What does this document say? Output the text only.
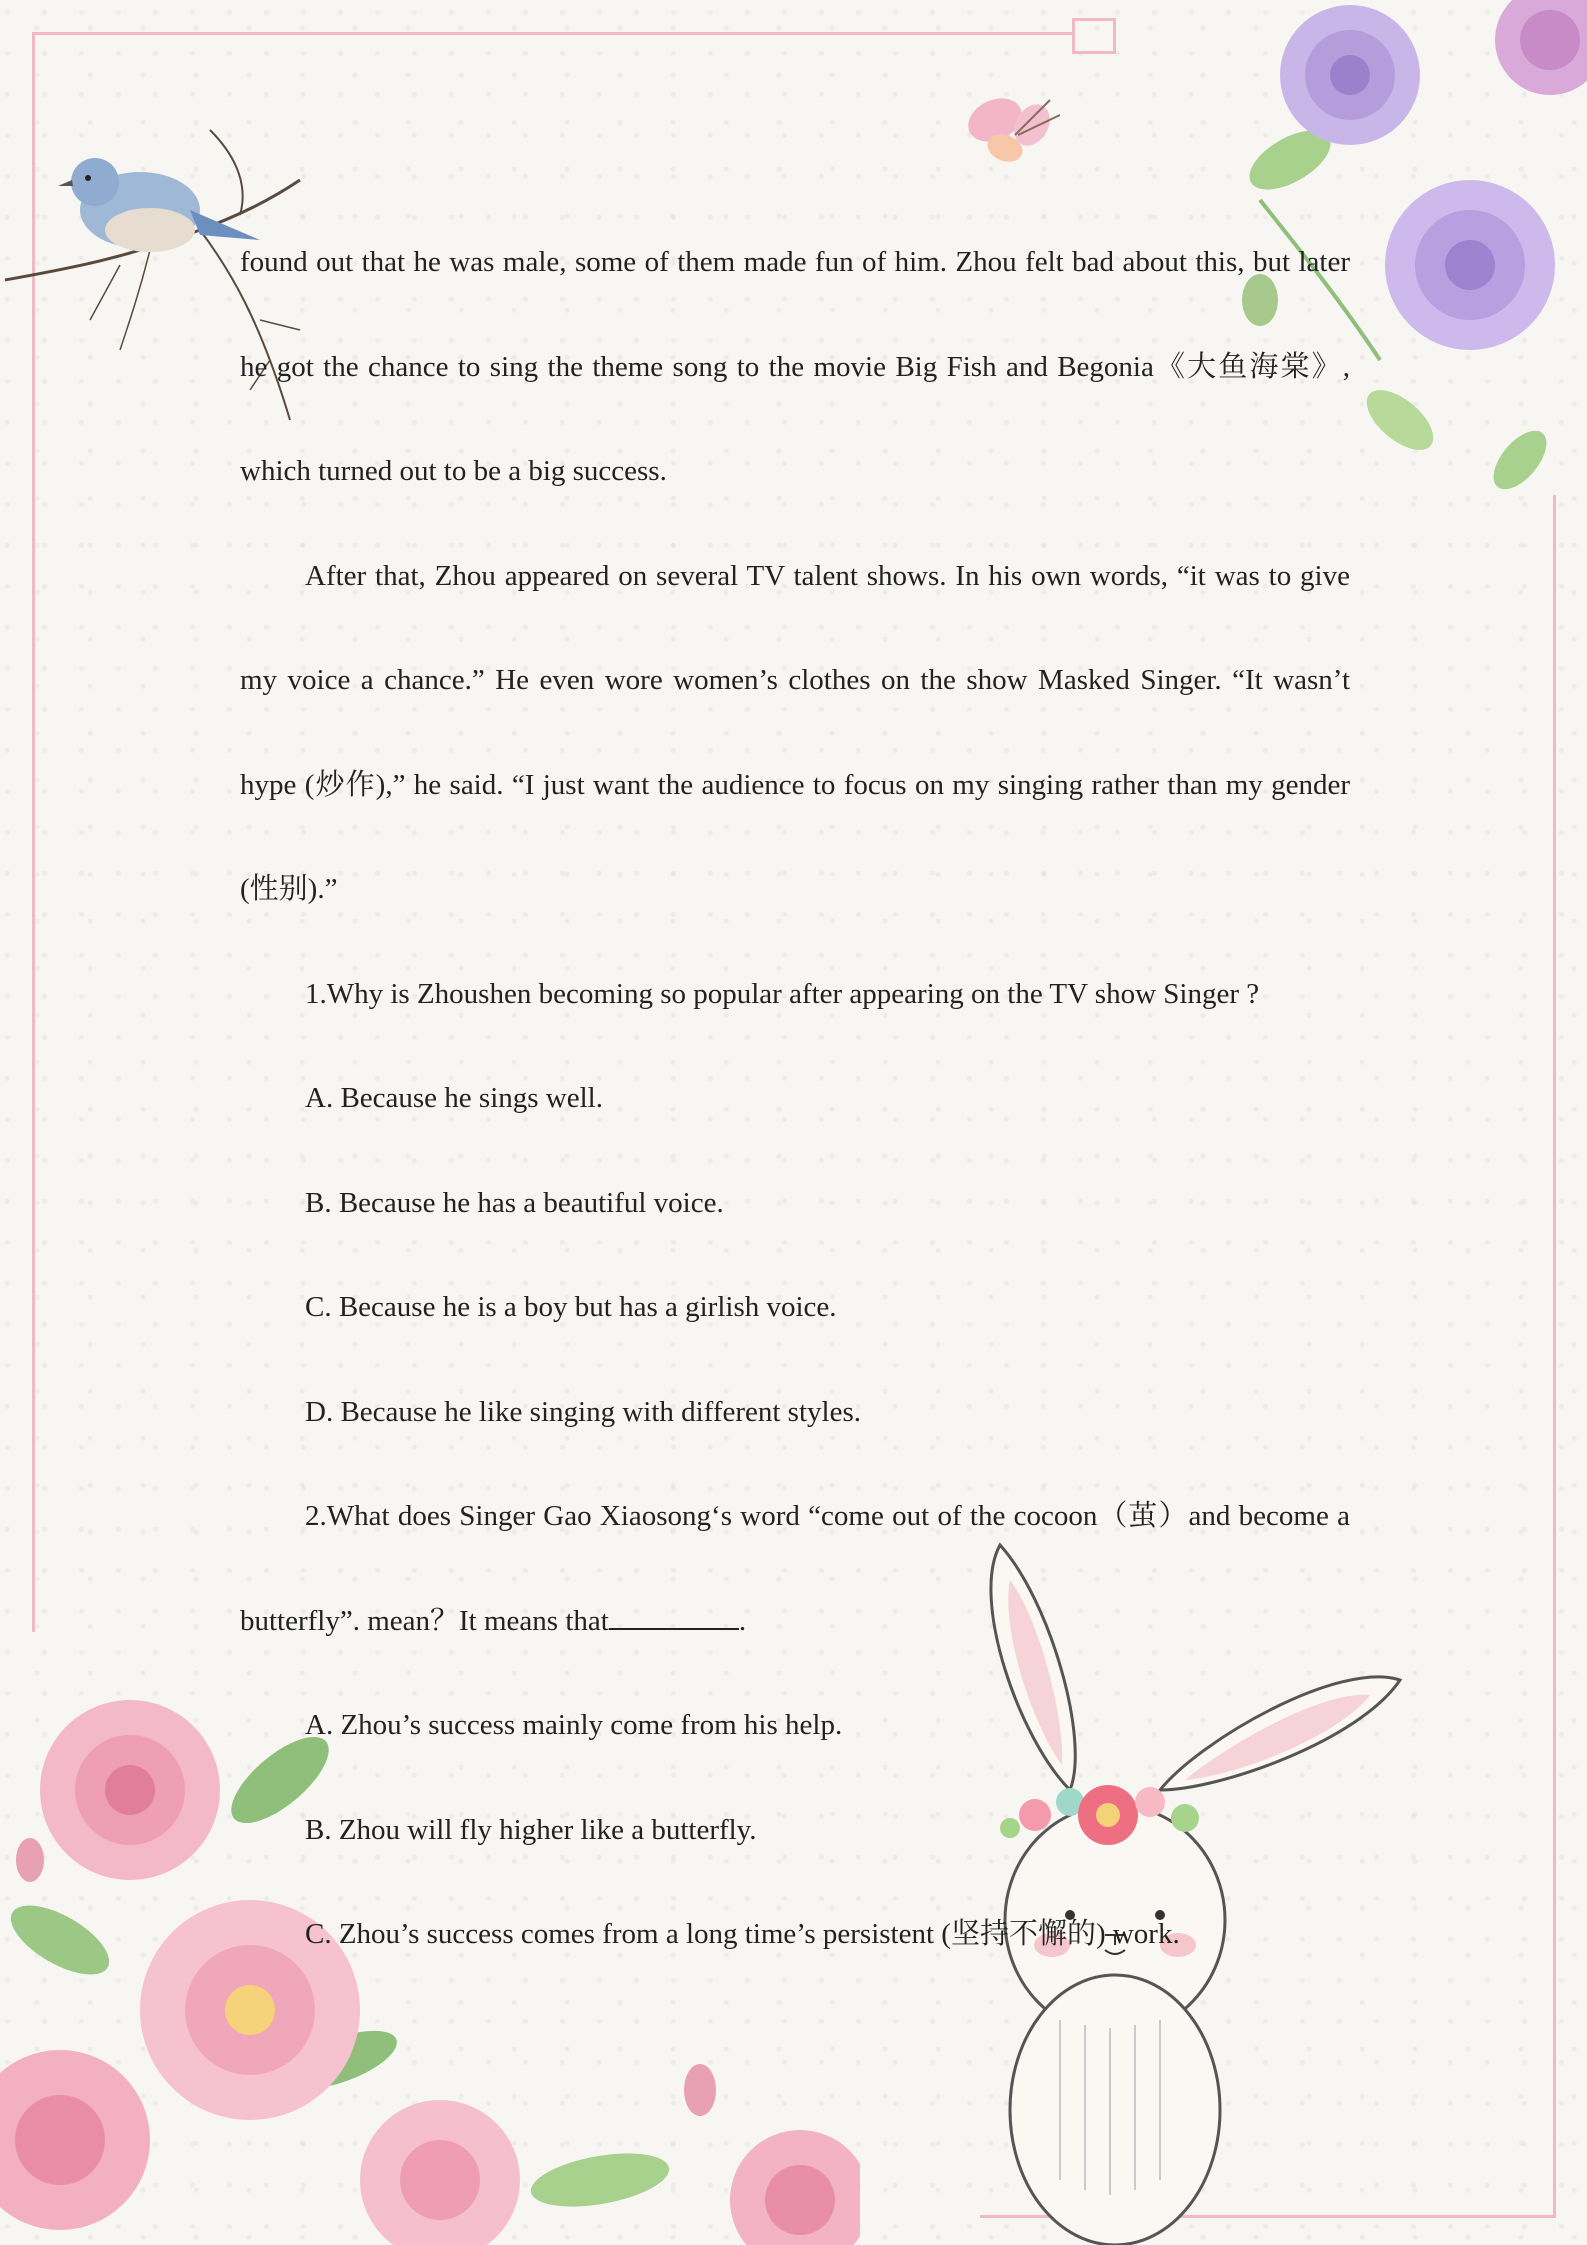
found out that he was male, some of them made fun of him. Zhou felt bad about this, but later he got the chance to sing the theme song to the movie Big Fish and Begonia《大鱼海棠》, which turned out to be a big success.

After that, Zhou appeared on several TV talent shows. In his own words, “it was to give my voice a chance.” He even wore women’s clothes on the show Masked Singer. “It wasn’t hype (炒作),” he said. “I just want the audience to focus on my singing rather than my gender (性别).”

1.Why is Zhoushen becoming so popular after appearing on the TV show Singer ?

A. Because he sings well.

B. Because he has a beautiful voice.

C. Because he is a boy but has a girlish voice.

D. Because he like singing with different styles.

2.What does Singer Gao Xiaosong‘s word “come out of the cocoon（茧）and become a butterfly”. mean？It means that	.

A. Zhou’s success mainly come from his help.

B. Zhou will fly higher like a butterfly.

C. Zhou’s success comes from a long time’s persistent (坚持不懈的) work.
